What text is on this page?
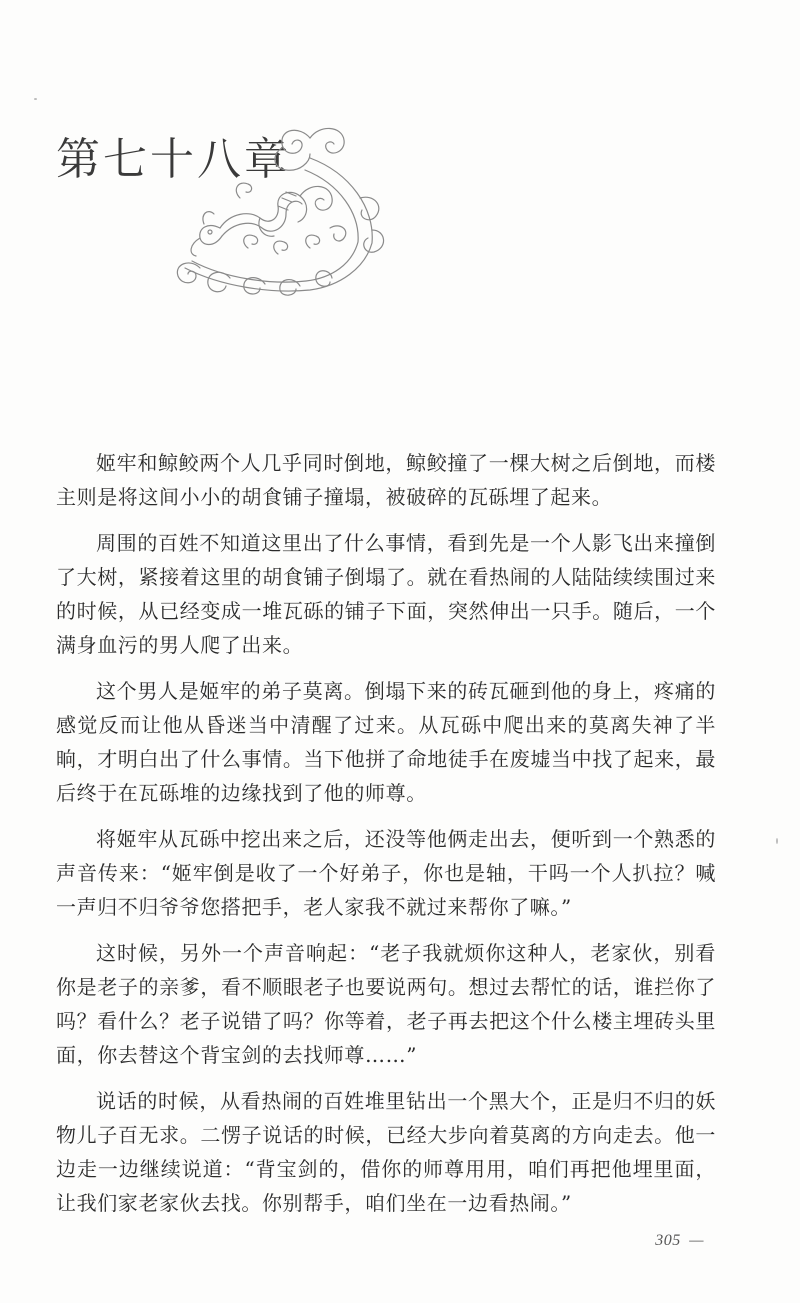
第七十八章

姬牢和鲸鲛两个人几乎同时倒地，鲸鲛撞了一棵大树之后倒地，而楼主则是将这间小小的胡食铺子撞塌，被破碎的瓦砾埋了起来。

周围的百姓不知道这里出了什么事情，看到先是一个人影飞出来撞倒了大树，紧接着这里的胡食铺子倒塌了。就在看热闹的人陆陆续续围过来的时候，从已经变成一堆瓦砾的铺子下面，突然伸出一只手。随后，一个满身血污的男人爬了出来。

这个男人是姬牢的弟子莫离。倒塌下来的砖瓦砸到他的身上，疼痛的感觉反而让他从昏迷当中清醒了过来。从瓦砾中爬出来的莫离失神了半晌，才明白出了什么事情。当下他拼了命地徒手在废墟当中找了起来，最后终于在瓦砾堆的边缘找到了他的师尊。

将姬牢从瓦砾中挖出来之后，还没等他俩走出去，便听到一个熟悉的声音传来：“姬牢倒是收了一个好弟子，你也是轴，干吗一个人扒拉？喊一声归不归爷爷您搭把手，老人家我不就过来帮你了嘛。”

这时候，另外一个声音响起：“老子我就烦你这种人，老家伙，别看你是老子的亲爹，看不顺眼老子也要说两句。想过去帮忙的话，谁拦你了吗？看什么？老子说错了吗？你等着，老子再去把这个什么楼主埋砖头里面，你去替这个背宝剑的去找师尊……”

说话的时候，从看热闹的百姓堆里钻出一个黑大个，正是归不归的妖物儿子百无求。二愣子说话的时候，已经大步向着莫离的方向走去。他一边走一边继续说道：“背宝剑的，借你的师尊用用，咱们再把他埋里面，让我们家老家伙去找。你别帮手，咱们坐在一边看热闹。”

305 —
